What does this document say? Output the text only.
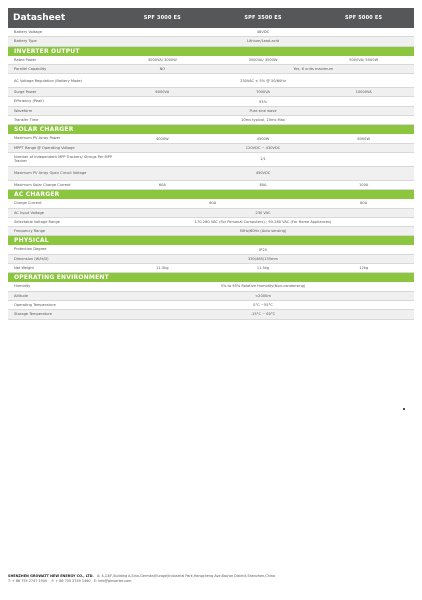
Datasheet	SPF 3000 ES	SPF 3500 ES	SPF 5000 ES
Battery Voltage	48VDC
Battery Type	Lithium/Lead-acid
INVERTER OUTPUT
Rated Power	3000VA/ 3000W	3500VA/ 3500W	5000VA/ 5000W
Parallel Capability	NO	Yes, 6 units maximum
AC Voltage Regulation (Battery Mode)	230VAC ± 5% @ 50/60Hz
Surge Power	6000VA	7000VA	10000VA
Efficiency (Peak)	93%
Waveform	Pure sine wave
Transfer Time	10ms typical, 20ms Max
SOLAR CHARGER
Maximum PV Array Power	4000W	4500W	6000W
MPPT Range @ Operating Voltage	120VDC ~ 430VDC
Number of Independent MPP Trackers/ Strings Per MPP Tracker	1/1
Maximum PV Array Open Circuit Voltage	450VDC
Maximum Solar Charge Current	60A	80A	100A
AC CHARGER
Charge Current	60A	80A
AC Input Voltage	230 VAC
Selectable Voltage Range	170-280 VAC (For Personal Computers) ; 90-280 VAC (For Home Appliances)
Frequency Range	50Hz/60Hz (Auto sensing)
PHYSICAL
Protection Degree	IP20
Dimension (W/H/D)	330/485/135mm
Net Weight	11.5kg	11.5kg	12kg
OPERATING ENVIRONMENT
Humidity	5% to 95% Relative Humidity(Non-condensing)
Altitude	<2000m
Operating Temperature	0°C ~55°C
Storage Temperature	-15°C ~ 60°C
SHENZHEN GROWATT NEW ENERGY CO., LTD. A: 4-13/F,Building A,Sino-German(Europe)Industrial Park,Hangcheng Ave,Bao'an District,Shenzhen,China
T: + 86 755 2747 1900 F: + 86 755 2749 1460 E: info@ginverter.com
